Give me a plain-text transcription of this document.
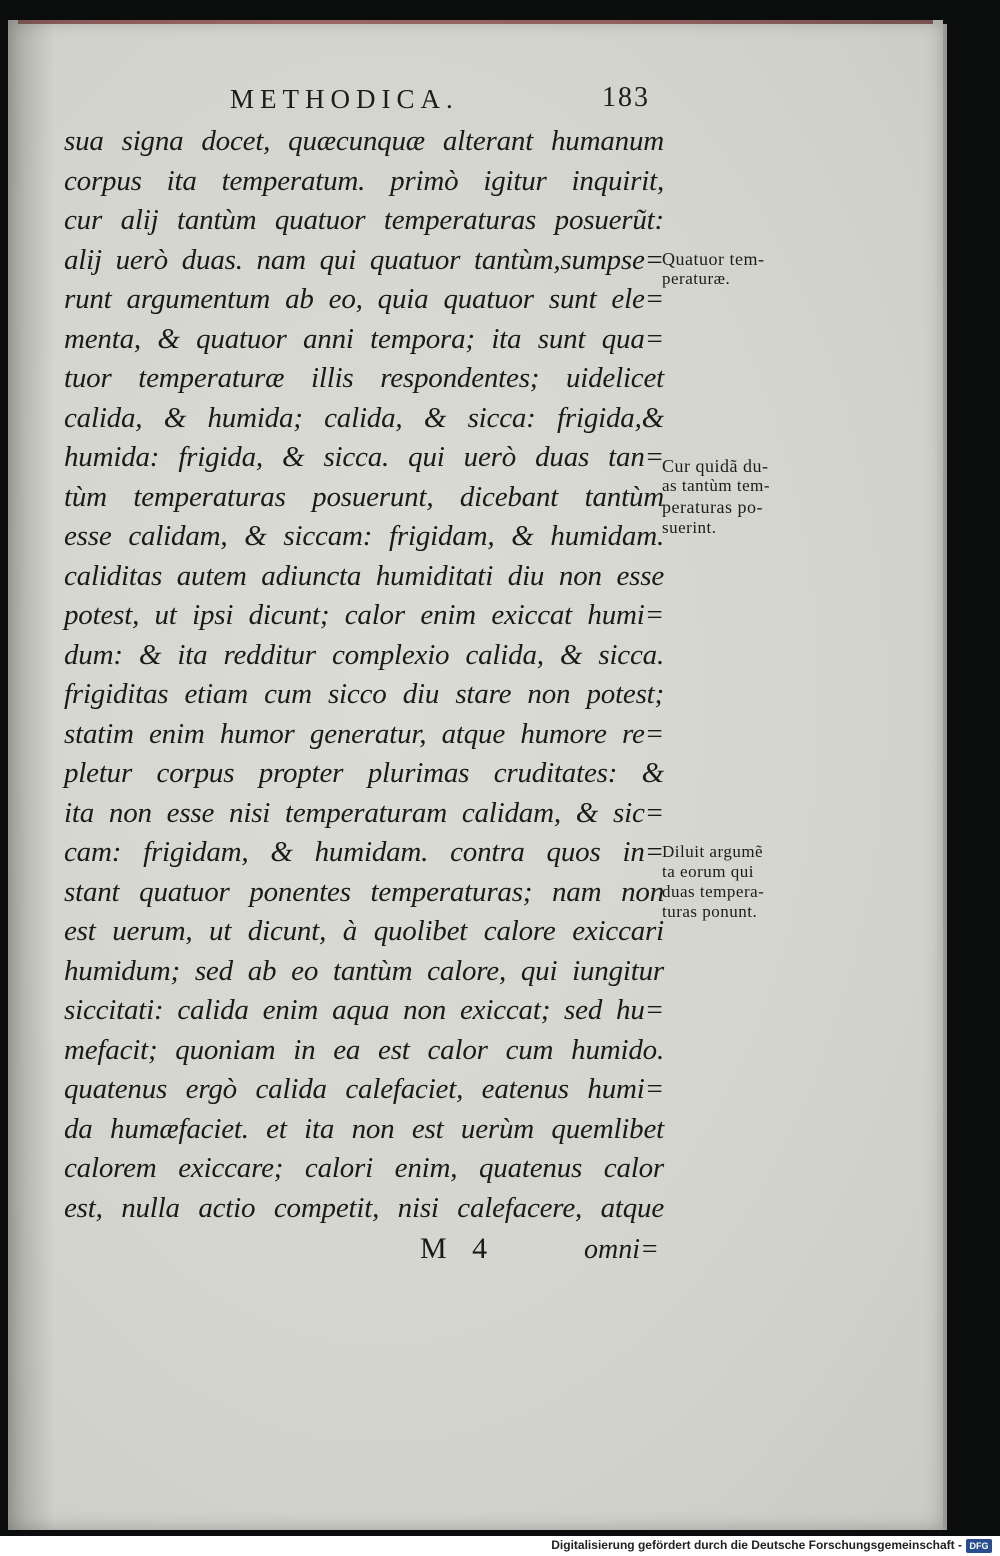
METHODICA.	183
sua signa docet, quæcunquæ alterant humanum
corpus ita temperatum. primò igitur inquirit,
cur alij tantùm quatuor temperaturas posuerũt:
alij uerò duas. nam qui quatuor tantùm,sumpse=
runt argumentum ab eo, quia quatuor sunt ele=
menta, & quatuor anni tempora; ita sunt qua=
tuor temperaturæ illis respondentes; uidelicet
calida, & humida; calida, & sicca: frigida,&
humida: frigida, & sicca. qui uerò duas tan=
tùm temperaturas posuerunt, dicebant tantùm
esse calidam, & siccam: frigidam, & humidam.
caliditas autem adiuncta humiditati diu non esse
potest, ut ipsi dicunt; calor enim exiccat humi=
dum: & ita redditur complexio calida, & sicca.
frigiditas etiam cum sicco diu stare non potest;
statim enim humor generatur, atque humore re=
pletur corpus propter plurimas cruditates: &
ita non esse nisi temperaturam calidam, & sic=
cam: frigidam, & humidam. contra quos in=
stant quatuor ponentes temperaturas; nam non
est uerum, ut dicunt, à quolibet calore exiccari
humidum; sed ab eo tantùm calore, qui iungitur
siccitati: calida enim aqua non exiccat; sed hu=
mefacit; quoniam in ea est calor cum humido.
quatenus ergò calida calefaciet, eatenus humi=
da humæfaciet. et ita non est uerùm quemlibet
calorem exiccare; calori enim, quatenus calor
est, nulla actio competit, nisi calefacere, atque
Quatuor tem-
peraturæ.
Cur quidã du-
as tantùm tem-
peraturas po-
suerint.
Diluit argumẽ
ta eorum qui
duas tempera-
turas ponunt.
M 4	omni=
Digitalisierung gefördert durch die Deutsche Forschungsgemeinschaft - DFG
